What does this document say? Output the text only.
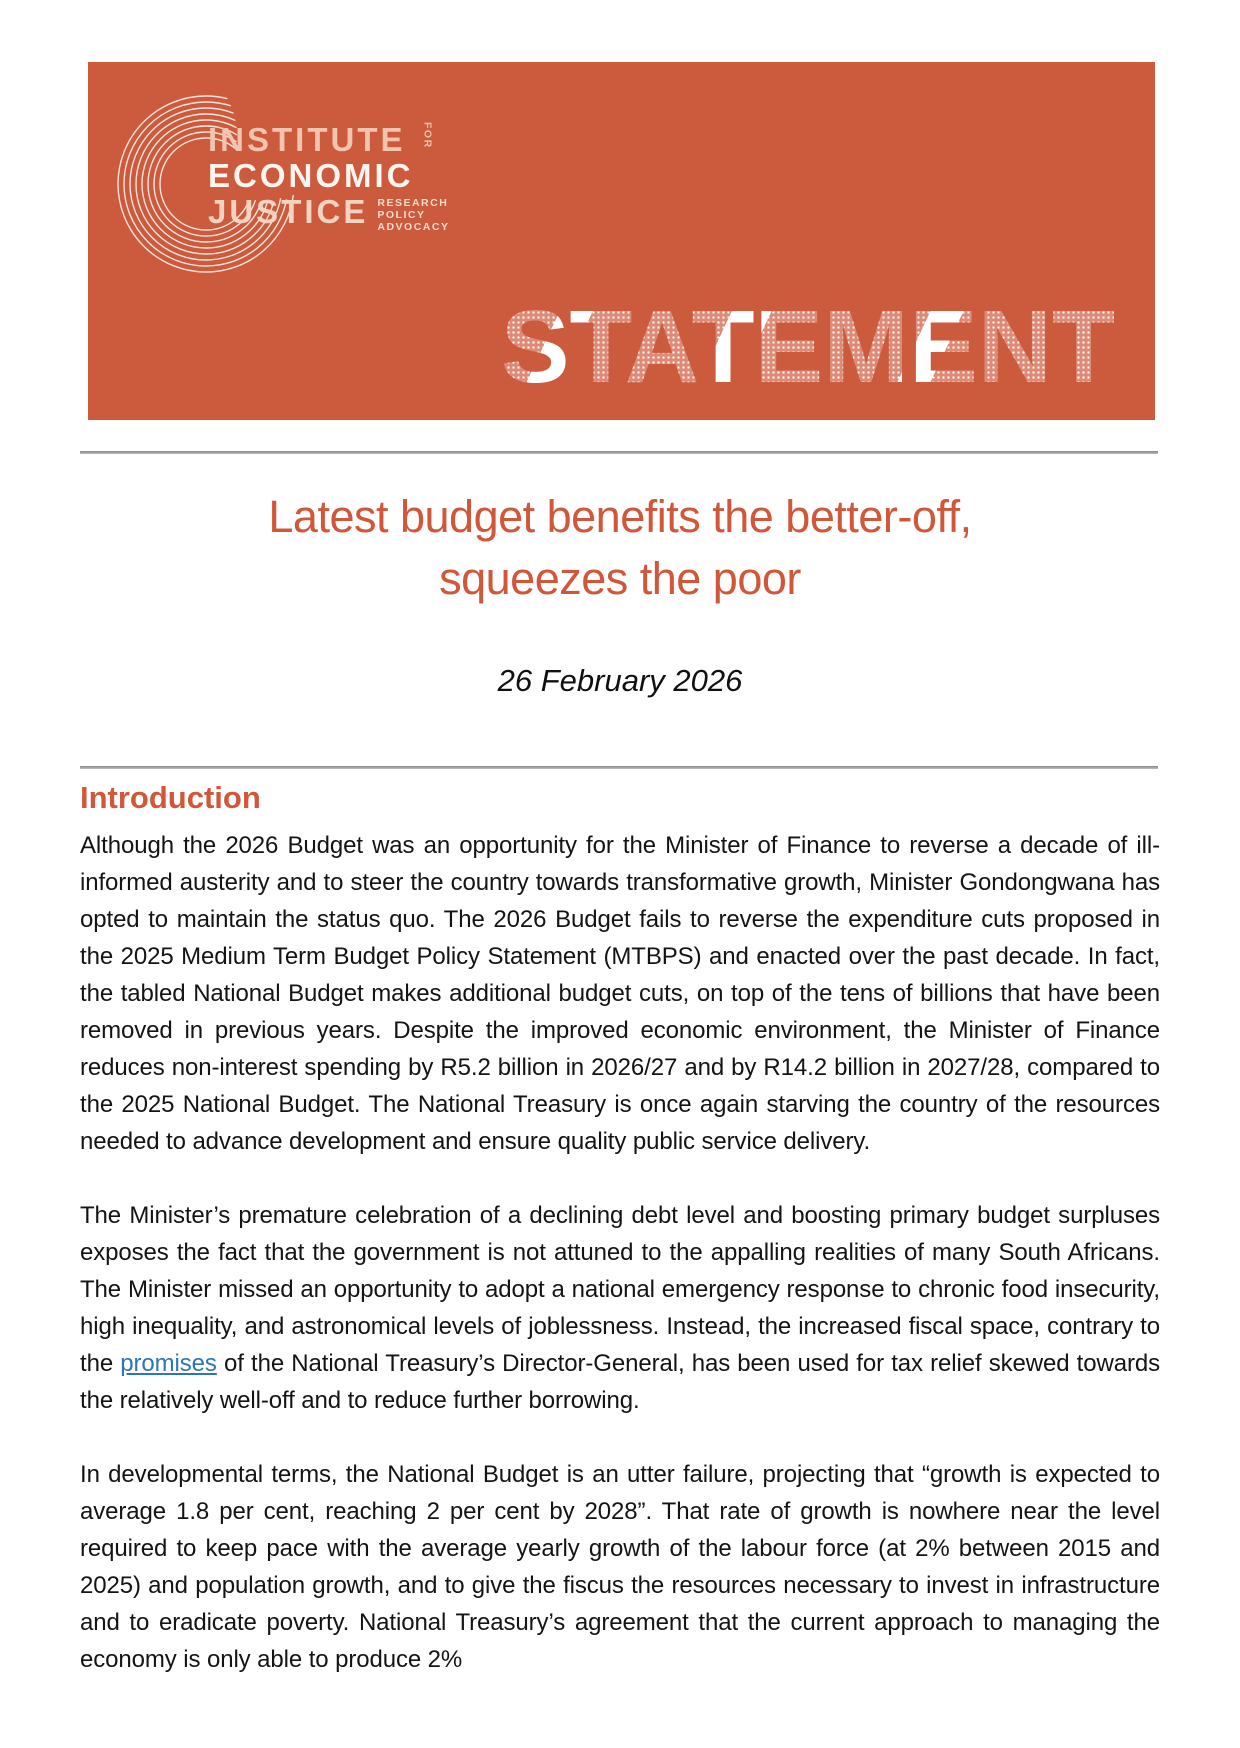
INSTITUTE FOR
ECONOMIC
JUSTICE RESEARCH
POLICY
ADVOCACY
STATEMENT
Latest budget benefits the better-off,
squeezes the poor
26 February 2026
Introduction

Although the 2026 Budget was an opportunity for the Minister of Finance to reverse a decade of ill-informed austerity and to steer the country towards transformative growth, Minister Gondongwana has opted to maintain the status quo. The 2026 Budget fails to reverse the expenditure cuts proposed in the 2025 Medium Term Budget Policy Statement (MTBPS) and enacted over the past decade. In fact, the tabled National Budget makes additional budget cuts, on top of the tens of billions that have been removed in previous years. Despite the improved economic environment, the Minister of Finance reduces non-interest spending by R5.2 billion in 2026/27 and by R14.2 billion in 2027/28, compared to the 2025 National Budget. The National Treasury is once again starving the country of the resources needed to advance development and ensure quality public service delivery.

The Minister’s premature celebration of a declining debt level and boosting primary budget surpluses exposes the fact that the government is not attuned to the appalling realities of many South Africans. The Minister missed an opportunity to adopt a national emergency response to chronic food insecurity, high inequality, and astronomical levels of joblessness. Instead, the increased fiscal space, contrary to the promises of the National Treasury’s Director-General, has been used for tax relief skewed towards the relatively well-off and to reduce further borrowing.

In developmental terms, the National Budget is an utter failure, projecting that “growth is expected to average 1.8 per cent, reaching 2 per cent by 2028”. That rate of growth is nowhere near the level required to keep pace with the average yearly growth of the labour force (at 2% between 2015 and 2025) and population growth, and to give the fiscus the resources necessary to invest in infrastructure and to eradicate poverty. National Treasury’s agreement that the current approach to managing the economy is only able to produce 2%
